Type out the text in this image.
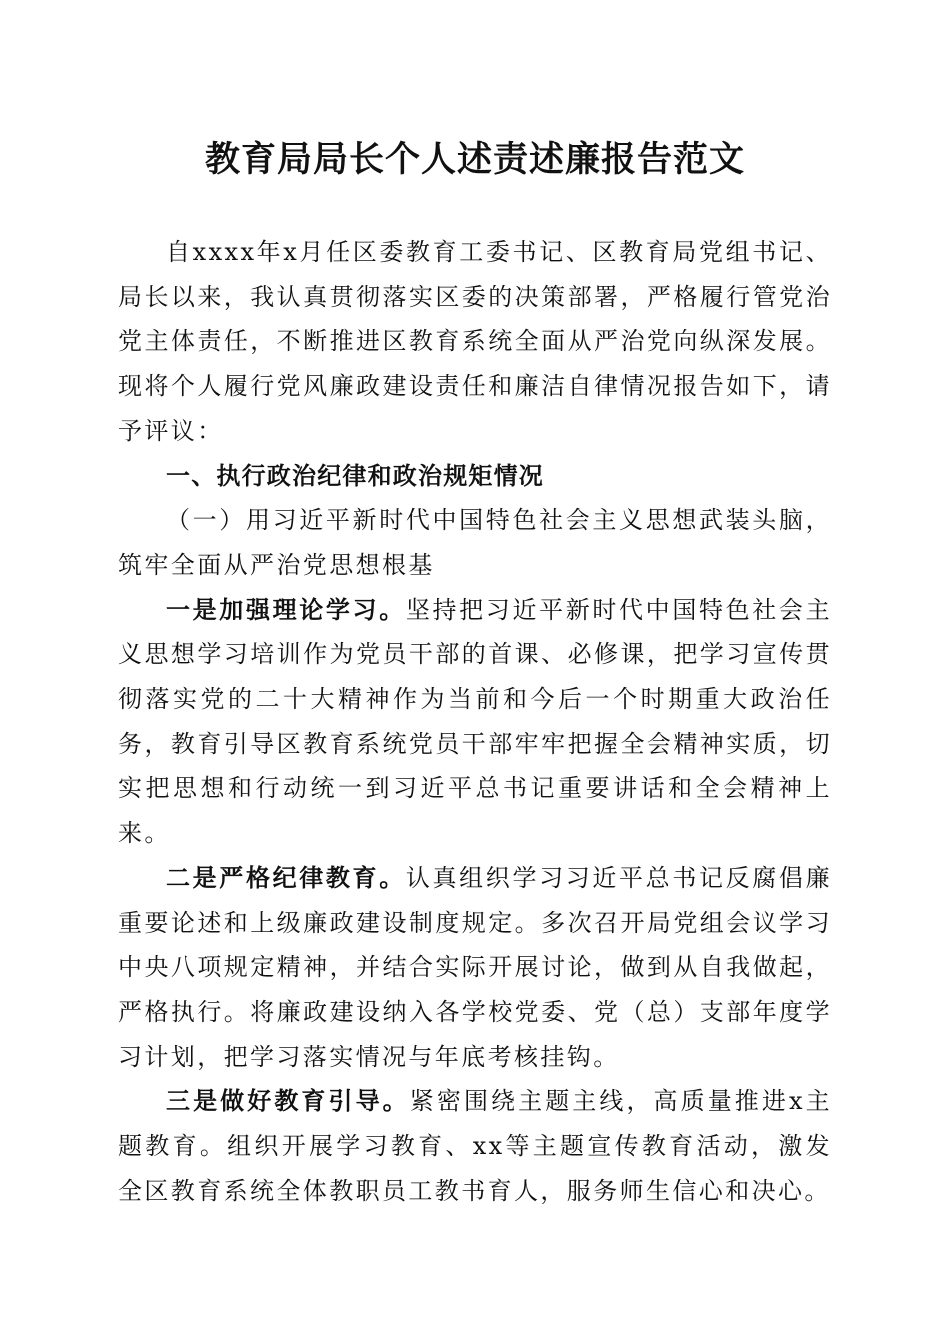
教育局局长个人述责述廉报告范文

自xxxx年x月任区委教育工委书记、区教育局党组书记、局长以来，我认真贯彻落实区委的决策部署，严格履行管党治党主体责任，不断推进区教育系统全面从严治党向纵深发展。现将个人履行党风廉政建设责任和廉洁自律情况报告如下，请予评议：

一、执行政治纪律和政治规矩情况

（一）用习近平新时代中国特色社会主义思想武装头脑，筑牢全面从严治党思想根基

一是加强理论学习。坚持把习近平新时代中国特色社会主义思想学习培训作为党员干部的首课、必修课，把学习宣传贯彻落实党的二十大精神作为当前和今后一个时期重大政治任务，教育引导区教育系统党员干部牢牢把握全会精神实质，切实把思想和行动统一到习近平总书记重要讲话和全会精神上来。

二是严格纪律教育。认真组织学习习近平总书记反腐倡廉重要论述和上级廉政建设制度规定。多次召开局党组会议学习中央八项规定精神，并结合实际开展讨论，做到从自我做起，严格执行。将廉政建设纳入各学校党委、党（总）支部年度学习计划，把学习落实情况与年底考核挂钩。

三是做好教育引导。紧密围绕主题主线，高质量推进x主题教育。组织开展学习教育、xx等主题宣传教育活动，激发全区教育系统全体教职员工教书育人，服务师生信心和决心。
